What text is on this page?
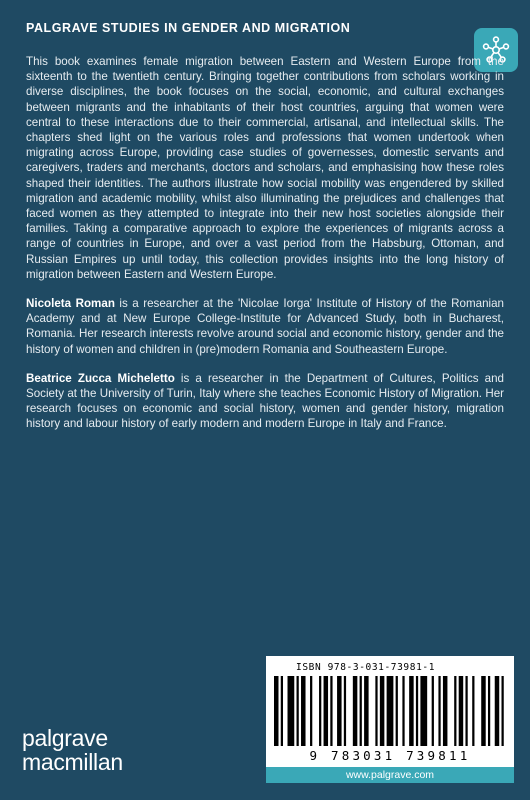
PALGRAVE STUDIES IN GENDER AND MIGRATION

This book examines female migration between Eastern and Western Europe from the sixteenth to the twentieth century. Bringing together contributions from scholars working in diverse disciplines, the book focuses on the social, economic, and cultural exchanges between migrants and the inhabitants of their host countries, arguing that women were central to these interactions due to their commercial, artisanal, and intellectual skills. The chapters shed light on the various roles and professions that women undertook when migrating across Europe, providing case studies of governesses, domestic servants and caregivers, traders and merchants, doctors and scholars, and emphasising how these roles shaped their identities. The authors illustrate how social mobility was engendered by skilled migration and academic mobility, whilst also illuminating the prejudices and challenges that faced women as they attempted to integrate into their new host societies alongside their families. Taking a comparative approach to explore the experiences of migrants across a range of countries in Europe, and over a vast period from the Habsburg, Ottoman, and Russian Empires up until today, this collection provides insights into the long history of migration between Eastern and Western Europe.

Nicoleta Roman is a researcher at the 'Nicolae Iorga' Institute of History of the Romanian Academy and at New Europe College-Institute for Advanced Study, both in Bucharest, Romania. Her research interests revolve around social and economic history, gender and the history of women and children in (pre)modern Romania and Southeastern Europe.

Beatrice Zucca Micheletto is a researcher in the Department of Cultures, Politics and Society at the University of Turin, Italy where she teaches Economic History of Migration. Her research focuses on economic and social history, women and gender history, migration history and labour history of early modern and modern Europe in Italy and France.

ISBN 978-3-031-73981-1
9 783031 739811
www.palgrave.com
palgrave
macmillan
